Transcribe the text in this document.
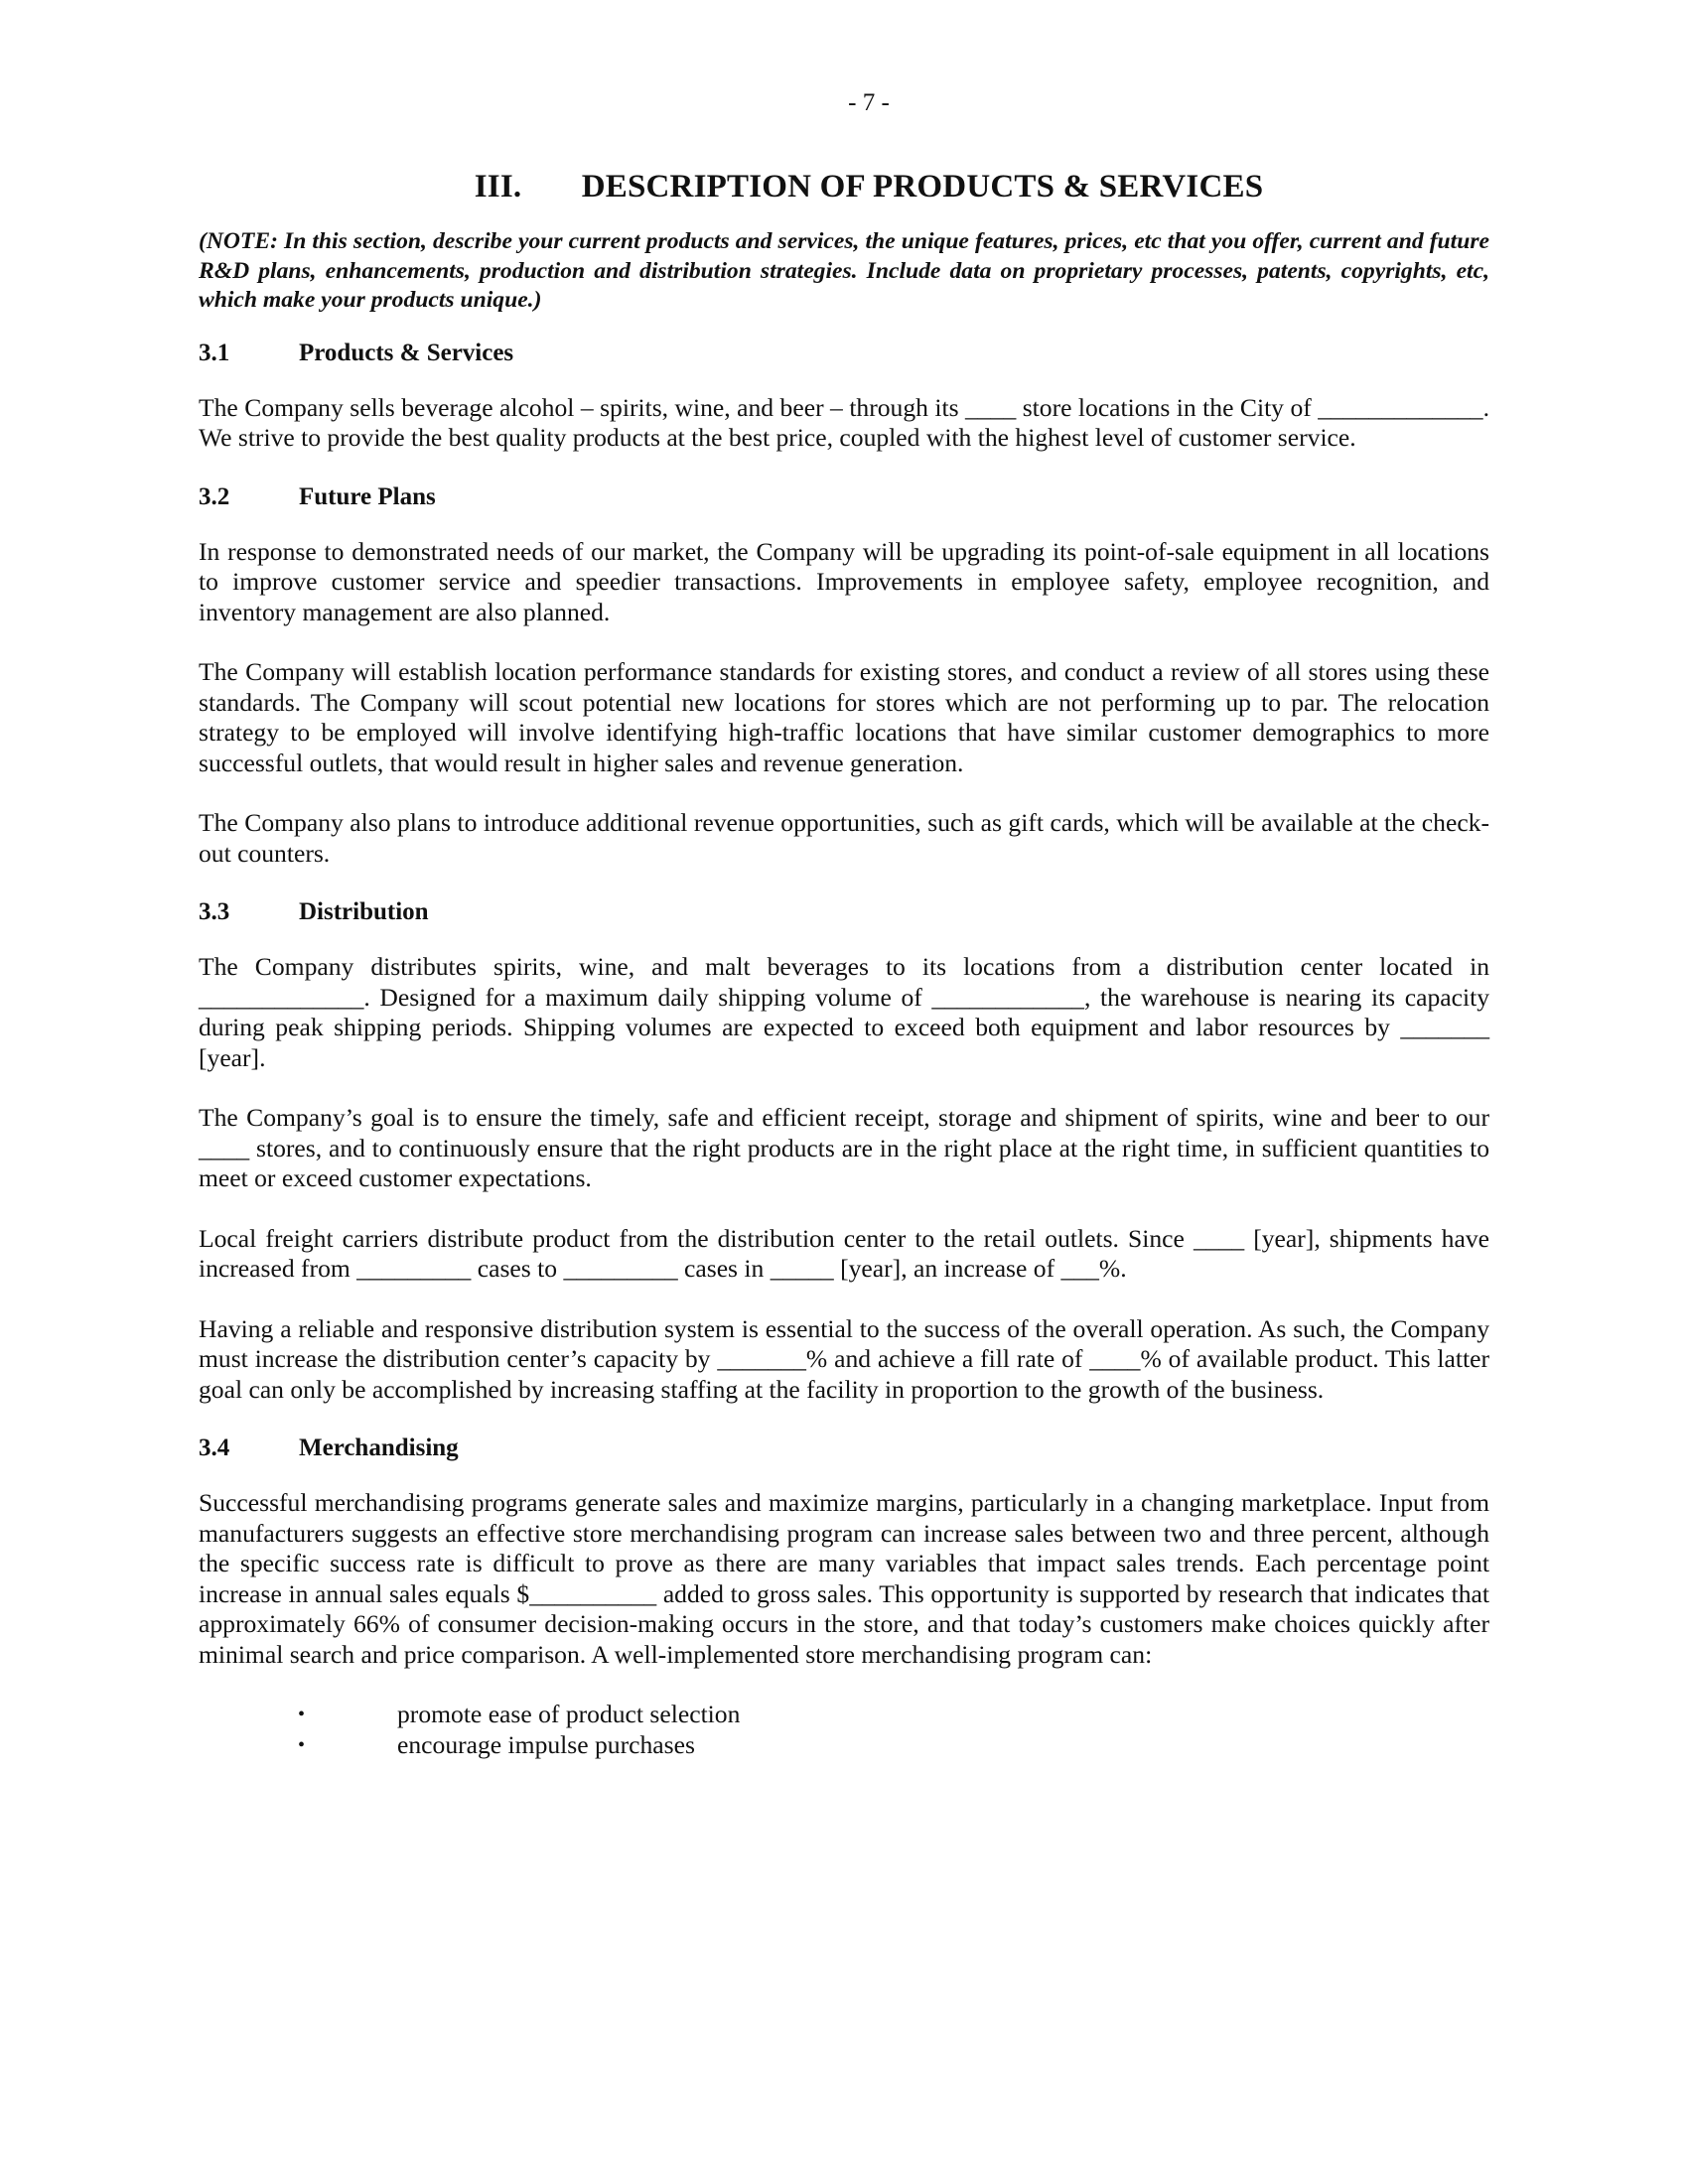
- 7 -
III. DESCRIPTION OF PRODUCTS & SERVICES
(NOTE: In this section, describe your current products and services, the unique features, prices, etc that you offer, current and future R&D plans, enhancements, production and distribution strategies. Include data on proprietary processes, patents, copyrights, etc, which make your products unique.)
3.1	Products & Services

The Company sells beverage alcohol – spirits, wine, and beer – through its ____ store locations in the City of _____________. We strive to provide the best quality products at the best price, coupled with the highest level of customer service.

3.2	Future Plans

In response to demonstrated needs of our market, the Company will be upgrading its point-of-sale equipment in all locations to improve customer service and speedier transactions. Improvements in employee safety, employee recognition, and inventory management are also planned.

The Company will establish location performance standards for existing stores, and conduct a review of all stores using these standards. The Company will scout potential new locations for stores which are not performing up to par. The relocation strategy to be employed will involve identifying high-traffic locations that have similar customer demographics to more successful outlets, that would result in higher sales and revenue generation.

The Company also plans to introduce additional revenue opportunities, such as gift cards, which will be available at the check-out counters.

3.3	Distribution

The Company distributes spirits, wine, and malt beverages to its locations from a distribution center located in _____________. Designed for a maximum daily shipping volume of ____________, the warehouse is nearing its capacity during peak shipping periods. Shipping volumes are expected to exceed both equipment and labor resources by _______ [year].

The Company’s goal is to ensure the timely, safe and efficient receipt, storage and shipment of spirits, wine and beer to our ____ stores, and to continuously ensure that the right products are in the right place at the right time, in sufficient quantities to meet or exceed customer expectations.

Local freight carriers distribute product from the distribution center to the retail outlets. Since ____ [year], shipments have increased from _________ cases to _________ cases in _____ [year], an increase of ___%.

Having a reliable and responsive distribution system is essential to the success of the overall operation. As such, the Company must increase the distribution center’s capacity by _______% and achieve a fill rate of ____% of available product. This latter goal can only be accomplished by increasing staffing at the facility in proportion to the growth of the business.

3.4	Merchandising

Successful merchandising programs generate sales and maximize margins, particularly in a changing marketplace. Input from manufacturers suggests an effective store merchandising program can increase sales between two and three percent, although the specific success rate is difficult to prove as there are many variables that impact sales trends. Each percentage point increase in annual sales equals $__________ added to gross sales. This opportunity is supported by research that indicates that approximately 66% of consumer decision-making occurs in the store, and that today’s customers make choices quickly after minimal search and price comparison. A well-implemented store merchandising program can:

•	promote ease of product selection
•	encourage impulse purchases
